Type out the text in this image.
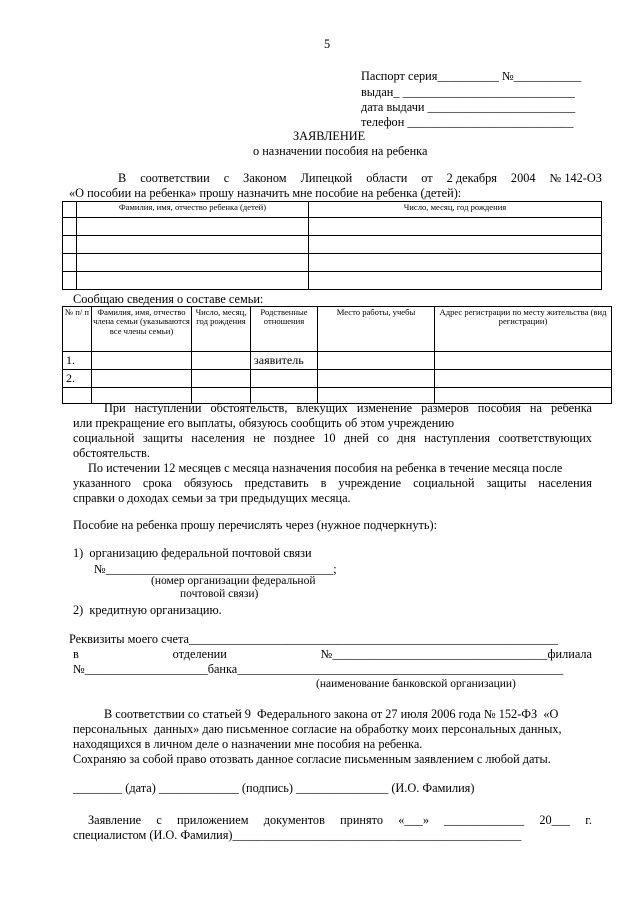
5
Паспорт серия__________ №___________
выдан_ ____________________________
дата выдачи ________________________
телефон ___________________________
ЗАЯВЛЕНИЕ
о назначении пособия на ребенка
В соответствии с Законом Липецкой области от 2 декабря 2004 № 142-ОЗ
«О пособии на ребенка» прошу назначить мне пособие на ребенка (детей):
	Фамилия, имя, отчество ребенка (детей)	Число, месяц, год рождения

Сообщаю сведения о составе семьи:
№ п/ п	Фамилия, имя, отчество члена семьи (указываются все члены семьи)	Число, месяц, год рождения	Родственные отношения	Место работы, учебы	Адрес регистрации по месту жительства (вид регистрации)
1.			заявитель		
2.					

При наступлении обстоятельств, влекущих изменение размеров пособия на ребенка
или прекращение его выплаты, обязуюсь сообщить об этом учреждению
социальной защиты населения не позднее 10 дней со дня наступления соответствующих
обстоятельств.
По истечении 12 месяцев с месяца назначения пособия на ребенка в течение месяца после
указанного срока обязуюсь представить в учреждение социальной защиты населения
справки о доходах семьи за три предыдущих месяца.
Пособие на ребенка прошу перечислять через (нужное подчеркнуть):
1)  организацию федеральной почтовой связи
№_____________________________________;
(номер организации федеральной
почтовой связи)
2)  кредитную организацию.
Реквизиты моего счета____________________________________________________________
в	отделении	№___________________________________филиала
№____________________банка_____________________________________________________
(наименование банковской организации)
В соответствии со статьей 9  Федерального закона от 27 июля 2006 года № 152-ФЗ  «О
персональных  данных» даю письменное согласие на обработку моих персональных данных,
находящихся в личном деле о назначении мне пособия на ребенка.
Сохраняю за собой право отозвать данное согласие письменным заявлением с любой даты.
________ (дата) _____________ (подпись) _______________ (И.О. Фамилия)
Заявление с приложением документов принято «___» _____________ 20___ г.
специалистом (И.О. Фамилия)_______________________________________________
